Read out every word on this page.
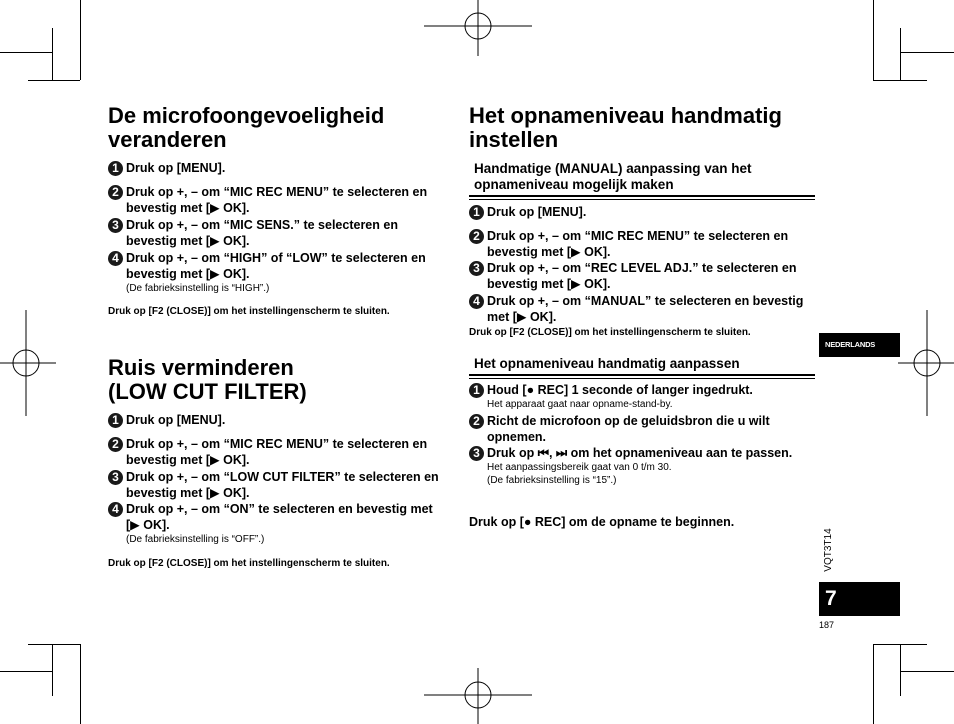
De microfoongevoeligheid veranderen
1 Druk op [MENU].
2 Druk op +, – om “MIC REC MENU” te selecteren en bevestig met [▶ OK].
3 Druk op +, – om “MIC SENS.” te selecteren en bevestig met [▶ OK].
4 Druk op +, – om “HIGH” of “LOW” te selecteren en bevestig met [▶ OK].
(De fabrieksinstelling is “HIGH”.)
Druk op [F2 (CLOSE)] om het instellingenscherm te sluiten.
Ruis verminderen
(LOW CUT FILTER)
1 Druk op [MENU].
2 Druk op +, – om “MIC REC MENU” te selecteren en bevestig met [▶ OK].
3 Druk op +, – om “LOW CUT FILTER” te selecteren en bevestig met [▶ OK].
4 Druk op +, – om “ON” te selecteren en bevestig met [▶ OK].
(De fabrieksinstelling is “OFF”.)
Druk op [F2 (CLOSE)] om het instellingenscherm te sluiten.
Het opnameniveau handmatig instellen
Handmatige (MANUAL) aanpassing van het opnameniveau mogelijk maken
1 Druk op [MENU].
2 Druk op +, – om “MIC REC MENU” te selecteren en bevestig met [▶ OK].
3 Druk op +, – om “REC LEVEL ADJ.” te selecteren en bevestig met [▶ OK].
4 Druk op +, – om “MANUAL” te selecteren en bevestig met [▶ OK].
Druk op [F2 (CLOSE)] om het instellingenscherm te sluiten.
Het opnameniveau handmatig aanpassen
1 Houd [● REC] 1 seconde of langer ingedrukt.
Het apparaat gaat naar opname-stand-by.
2 Richt de microfoon op de geluidsbron die u wilt opnemen.
3 Druk op ⏮, ⏭ om het opnameniveau aan te passen.
Het aanpassingsbereik gaat van 0 t/m 30.
(De fabrieksinstelling is “15”.)
Druk op [● REC] om de opname te beginnen.
NEDERLANDS
VQT3T14
7
187
